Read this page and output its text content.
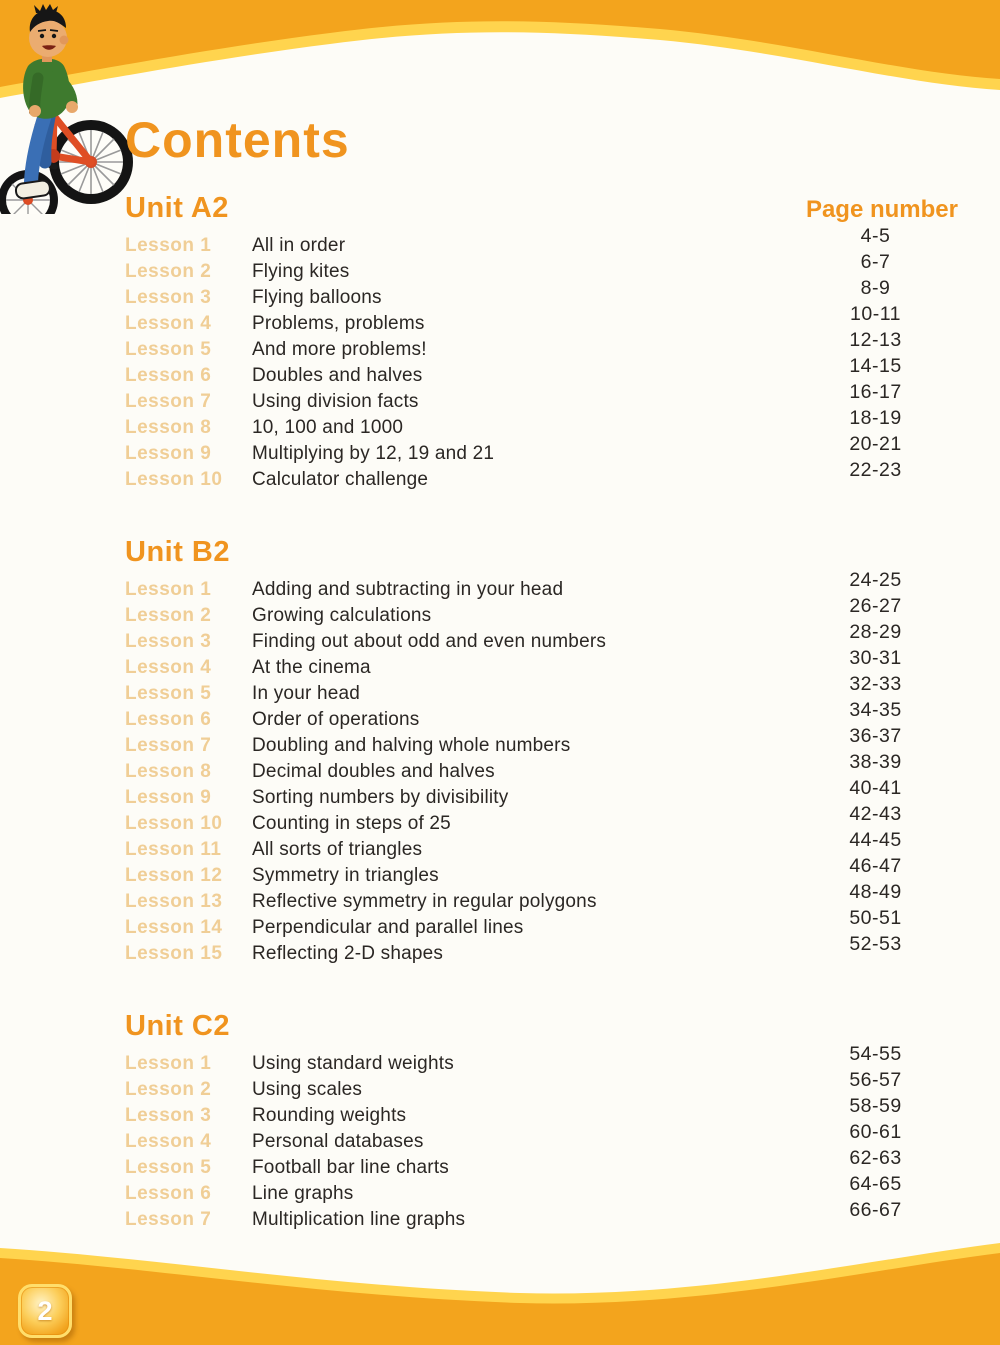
Contents
Unit A2	Page number
Lesson 1	All in order	4-5
Lesson 2	Flying kites	6-7
Lesson 3	Flying balloons	8-9
Lesson 4	Problems, problems	10-11
Lesson 5	And more problems!	12-13
Lesson 6	Doubles and halves	14-15
Lesson 7	Using division facts	16-17
Lesson 8	10, 100 and 1000	18-19
Lesson 9	Multiplying by 12, 19 and 21	20-21
Lesson 10	Calculator challenge	22-23
Unit B2
Lesson 1	Adding and subtracting in your head	24-25
Lesson 2	Growing calculations	26-27
Lesson 3	Finding out about odd and even numbers	28-29
Lesson 4	At the cinema	30-31
Lesson 5	In your head	32-33
Lesson 6	Order of operations	34-35
Lesson 7	Doubling and halving whole numbers	36-37
Lesson 8	Decimal doubles and halves	38-39
Lesson 9	Sorting numbers by divisibility	40-41
Lesson 10	Counting in steps of 25	42-43
Lesson 11	All sorts of triangles	44-45
Lesson 12	Symmetry in triangles	46-47
Lesson 13	Reflective symmetry in regular polygons	48-49
Lesson 14	Perpendicular and parallel lines	50-51
Lesson 15	Reflecting 2-D shapes	52-53
Unit C2
Lesson 1	Using standard weights	54-55
Lesson 2	Using scales	56-57
Lesson 3	Rounding weights	58-59
Lesson 4	Personal databases	60-61
Lesson 5	Football bar line charts	62-63
Lesson 6	Line graphs	64-65
Lesson 7	Multiplication line graphs	66-67
2
